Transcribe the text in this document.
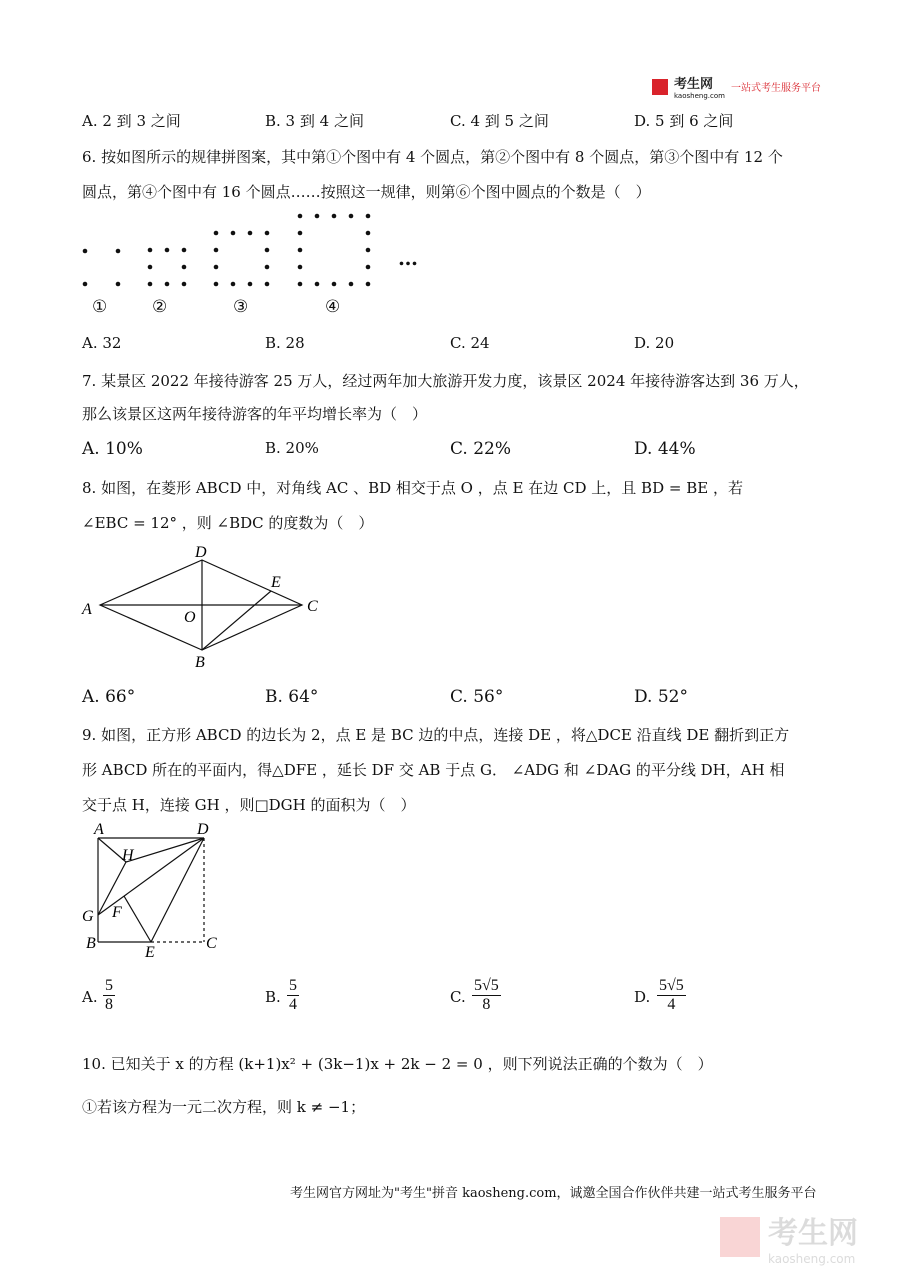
考生网
kaosheng.com
一站式考生服务平台
A. 2 到 3 之间	B. 3 到 4 之间	C. 4 到 5 之间	D. 5 到 6 之间
6. 按如图所示的规律拼图案，其中第①个图中有 4 个圆点，第②个图中有 8 个圆点，第③个图中有 12 个
圆点，第④个图中有 16 个圆点……按照这一规律，则第⑥个图中圆点的个数是（　）
①	②	③	④
…
A. 32	B. 28	C. 24	D. 20
7. 某景区 2022 年接待游客 25 万人，经过两年加大旅游开发力度，该景区 2024 年接待游客达到 36 万人，
那么该景区这两年接待游客的年平均增长率为（　）
A. 10%	B. 20%	C. 22%	D. 44%
8. 如图，在菱形 ABCD 中，对角线 AC 、BD 相交于点 O ，点 E 在边 CD 上，且 BD = BE ，若
∠EBC = 12° ，则 ∠BDC 的度数为（　）
D
E
A	O
C
B
A. 66°	B. 64°	C. 56°	D. 52°
9. 如图，正方形 ABCD 的边长为 2，点 E 是 BC 边的中点，连接 DE ，将△DCE 沿直线 DE 翻折到正方
形 ABCD 所在的平面内，得△DFE ，延长 DF 交 AB 于点 G． ∠ADG 和 ∠DAG 的平分线 DH，AH 相
交于点 H，连接 GH ，则□DGH 的面积为（　）
A	D
H
G F
B
E
C
A. $\frac{5}{8}$	B. $\frac{5}{4}$	C. $\frac{5√5}{8}$	D. $\frac{5√5}{4}$
10. 已知关于 x 的方程 (k+1)x² + (3k−1)x + 2k − 2 = 0 ，则下列说法正确的个数为（　）
①若该方程为一元二次方程，则 k ≠ −1；
考生网官方网址为"考生"拼音 kaosheng.com，诚邀全国合作伙伴共建一站式考生服务平台
考生网
kaosheng.com
